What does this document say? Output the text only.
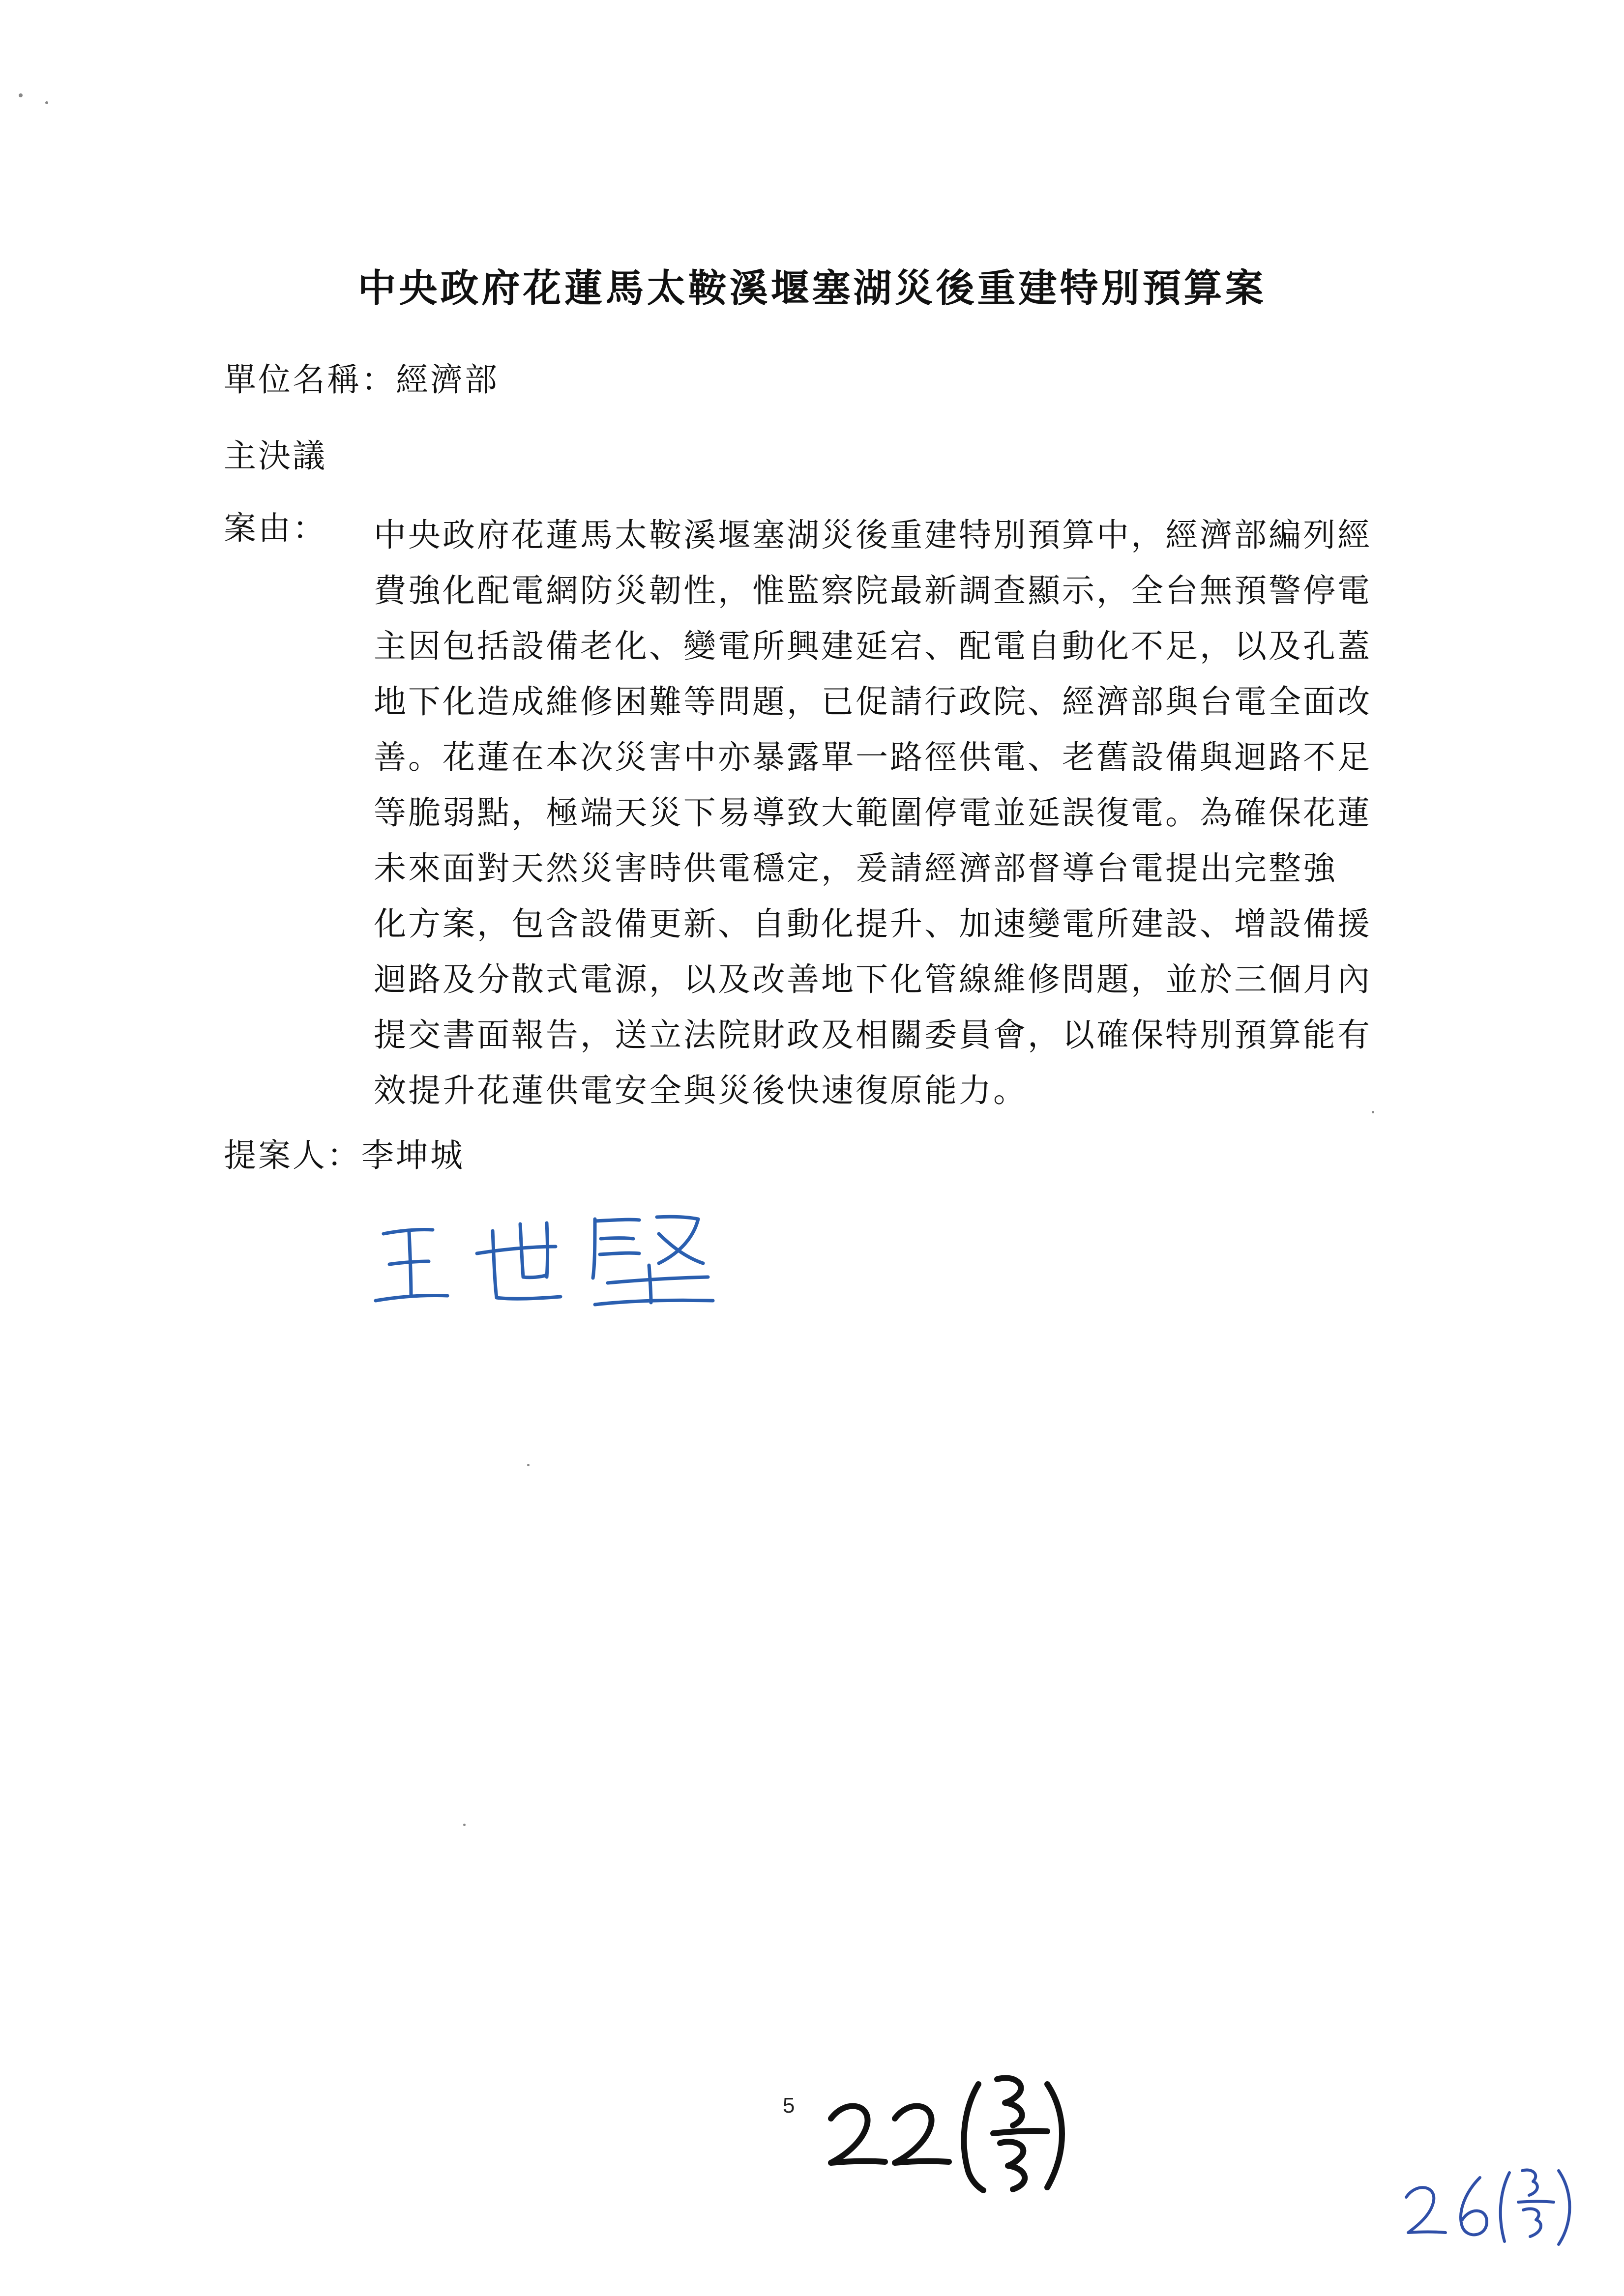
中央政府花蓮馬太鞍溪堰塞湖災後重建特別預算案
單位名稱：經濟部
主決議
案由： 中央政府花蓮馬太鞍溪堰塞湖災後重建特別預算中，經濟部編列經
費強化配電網防災韌性，惟監察院最新調查顯示，全台無預警停電
主因包括設備老化、變電所興建延宕、配電自動化不足，以及孔蓋
地下化造成維修困難等問題，已促請行政院、經濟部與台電全面改
善。花蓮在本次災害中亦暴露單一路徑供電、老舊設備與迴路不足
等脆弱點，極端天災下易導致大範圍停電並延誤復電。為確保花蓮
未來面對天然災害時供電穩定，爰請經濟部督導台電提出完整強
化方案，包含設備更新、自動化提升、加速變電所建設、增設備援
迴路及分散式電源，以及改善地下化管線維修問題，並於三個月內
提交書面報告，送立法院財政及相關委員會，以確保特別預算能有
效提升花蓮供電安全與災後快速復原能力。
提案人：李坤城
5
